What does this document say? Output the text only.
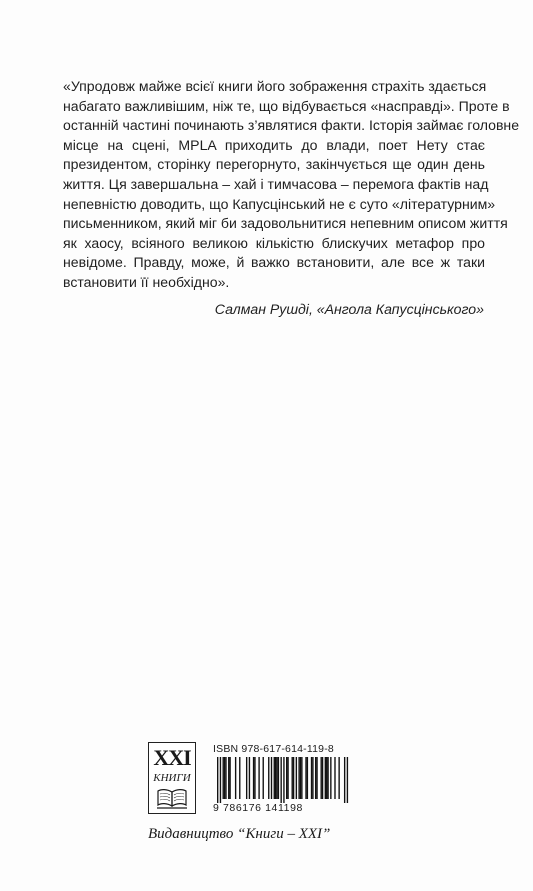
«Упродовж майже всієї книги його зображення страхіть здається
набагато важливішим, ніж те, що відбувається «насправді». Проте в
останній частині починають з’являтися факти. Історія займає головне
місце на сцені, MPLA приходить до влади, поет Нету стає
президентом, сторінку перегорнуто, закінчується ще один день
життя. Ця завершальна – хай і тимчасова – перемога фактів над
непевністю доводить, що Капусцінський не є суто «літературним»
письменником, який міг би задовольнитися непевним описом життя
як хаосу, всіяного великою кількістю блискучих метафор про
невідоме. Правду, може, й важко встановити, але все ж таки
встановити її необхідно».
Салман Рушді, «Ангола Капусцінського»
XXI
КНИГИ
ISBN 978-617-614-119-8
9 786176 141198
Видавництво “Книги – XXI”
